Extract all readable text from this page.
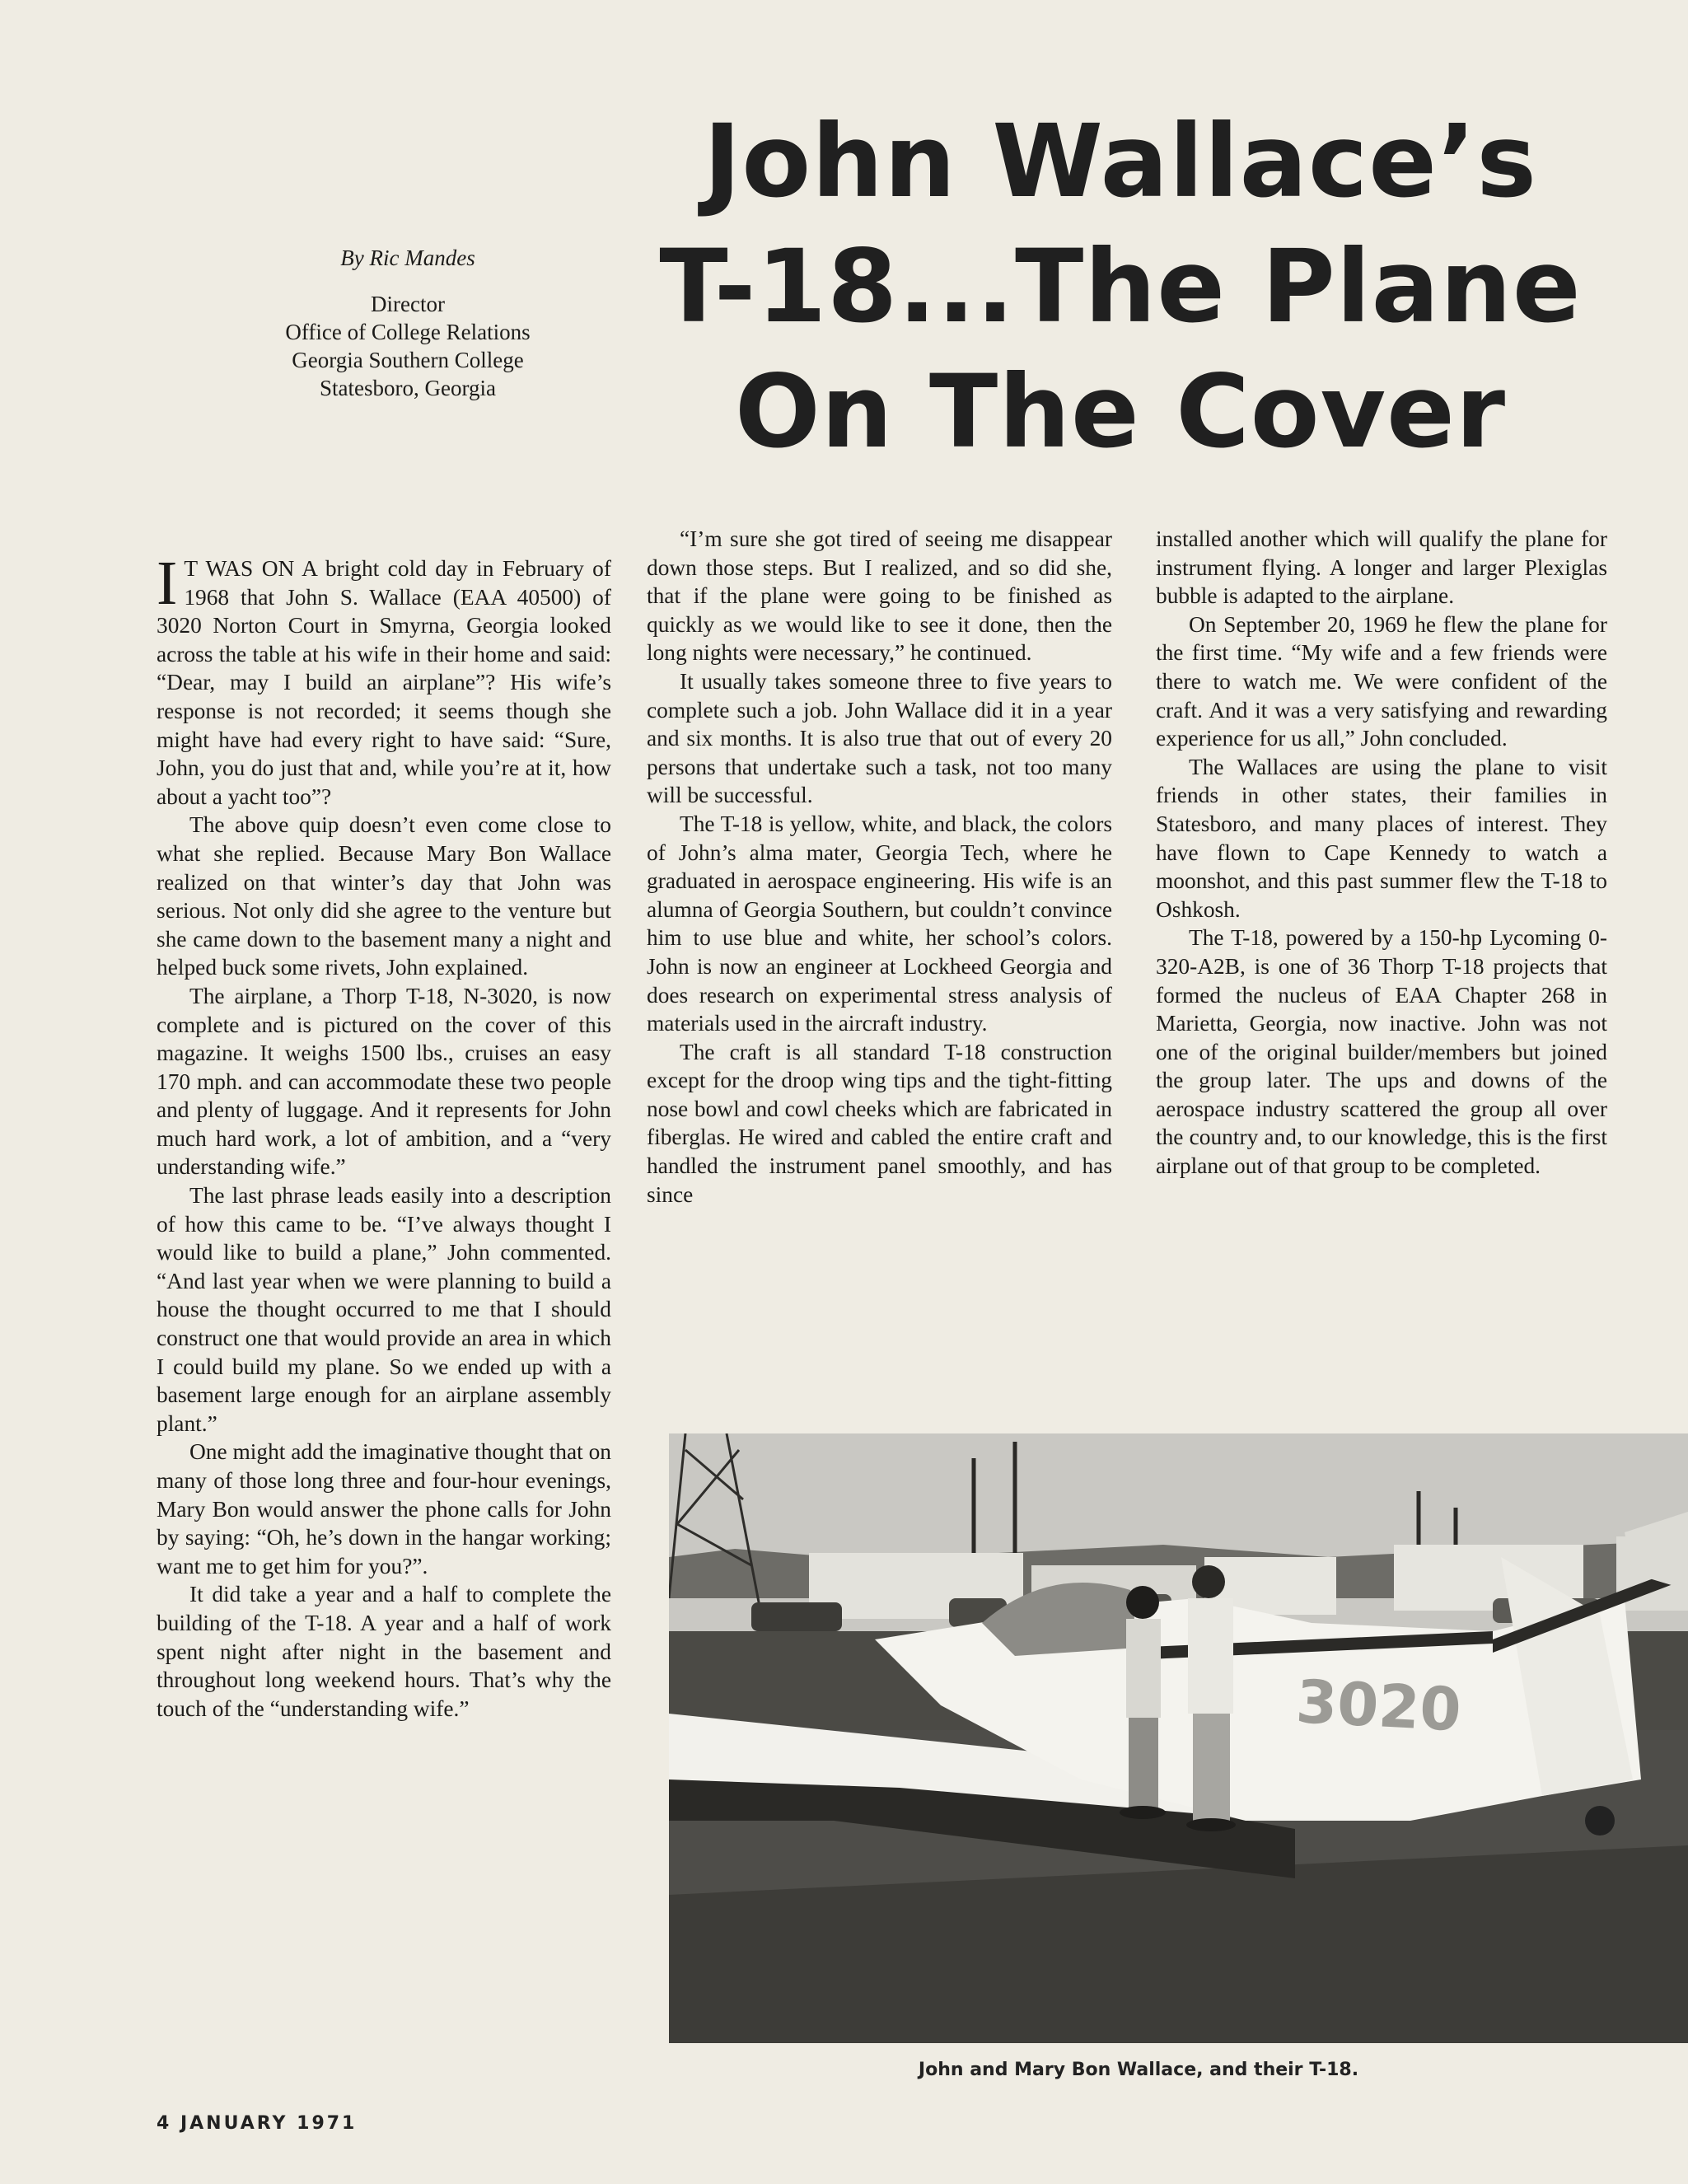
By Ric Mandes
Director
Office of College Relations
Georgia Southern College
Statesboro, Georgia
John Wallace’s
T-18...The Plane
On The Cover

I T WAS ON A bright cold day in February of 1968 that John S. Wallace (EAA 40500) of 3020 Norton Court in Smyrna, Georgia looked across the table at his wife in their home and said: “Dear, may I build an airplane”? His wife’s response is not recorded; it seems though she might have had every right to have said: “Sure, John, you do just that and, while you’re at it, how about a yacht too”?

The above quip doesn’t even come close to what she replied. Because Mary Bon Wallace realized on that winter’s day that John was serious. Not only did she agree to the venture but she came down to the basement many a night and helped buck some rivets, John explained.

The airplane, a Thorp T-18, N-3020, is now complete and is pictured on the cover of this magazine. It weighs 1500 lbs., cruises an easy 170 mph. and can accommodate these two people and plenty of luggage. And it represents for John much hard work, a lot of ambition, and a “very understanding wife.”

The last phrase leads easily into a description of how this came to be. “I’ve always thought I would like to build a plane,” John commented. “And last year when we were planning to build a house the thought occurred to me that I should construct one that would provide an area in which I could build my plane. So we ended up with a basement large enough for an airplane assembly plant.”

One might add the imaginative thought that on many of those long three and four-hour evenings, Mary Bon would answer the phone calls for John by saying: “Oh, he’s down in the hangar working; want me to get him for you?”.

It did take a year and a half to complete the building of the T-18. A year and a half of work spent night after night in the basement and throughout long weekend hours. That’s why the touch of the “understanding wife.”

“I’m sure she got tired of seeing me disappear down those steps. But I realized, and so did she, that if the plane were going to be finished as quickly as we would like to see it done, then the long nights were necessary,” he continued.

It usually takes someone three to five years to complete such a job. John Wallace did it in a year and six months. It is also true that out of every 20 persons that undertake such a task, not too many will be successful.

The T-18 is yellow, white, and black, the colors of John’s alma mater, Georgia Tech, where he graduated in aerospace engineering. His wife is an alumna of Georgia Southern, but couldn’t convince him to use blue and white, her school’s colors. John is now an engineer at Lockheed Georgia and does research on experimental stress analysis of materials used in the aircraft industry.

The craft is all standard T-18 construction except for the droop wing tips and the tight-fitting nose bowl and cowl cheeks which are fabricated in fiberglas. He wired and cabled the entire craft and handled the instrument panel smoothly, and has since

installed another which will qualify the plane for instrument flying. A longer and larger Plexiglas bubble is adapted to the airplane.

On September 20, 1969 he flew the plane for the first time. “My wife and a few friends were there to watch me. We were confident of the craft. And it was a very satisfying and rewarding experience for us all,” John concluded.

The Wallaces are using the plane to visit friends in other states, their families in Statesboro, and many places of interest. They have flown to Cape Kennedy to watch a moonshot, and this past summer flew the T-18 to Oshkosh.

The T-18, powered by a 150-hp Lycoming 0-320-A2B, is one of 36 Thorp T-18 projects that formed the nucleus of EAA Chapter 268 in Marietta, Georgia, now inactive. John was not one of the original builder/members but joined the group later. The ups and downs of the aerospace industry scattered the group all over the country and, to our knowledge, this is the first airplane out of that group to be completed.

3020
John and Mary Bon Wallace, and their T-18.
4 JANUARY 1971
